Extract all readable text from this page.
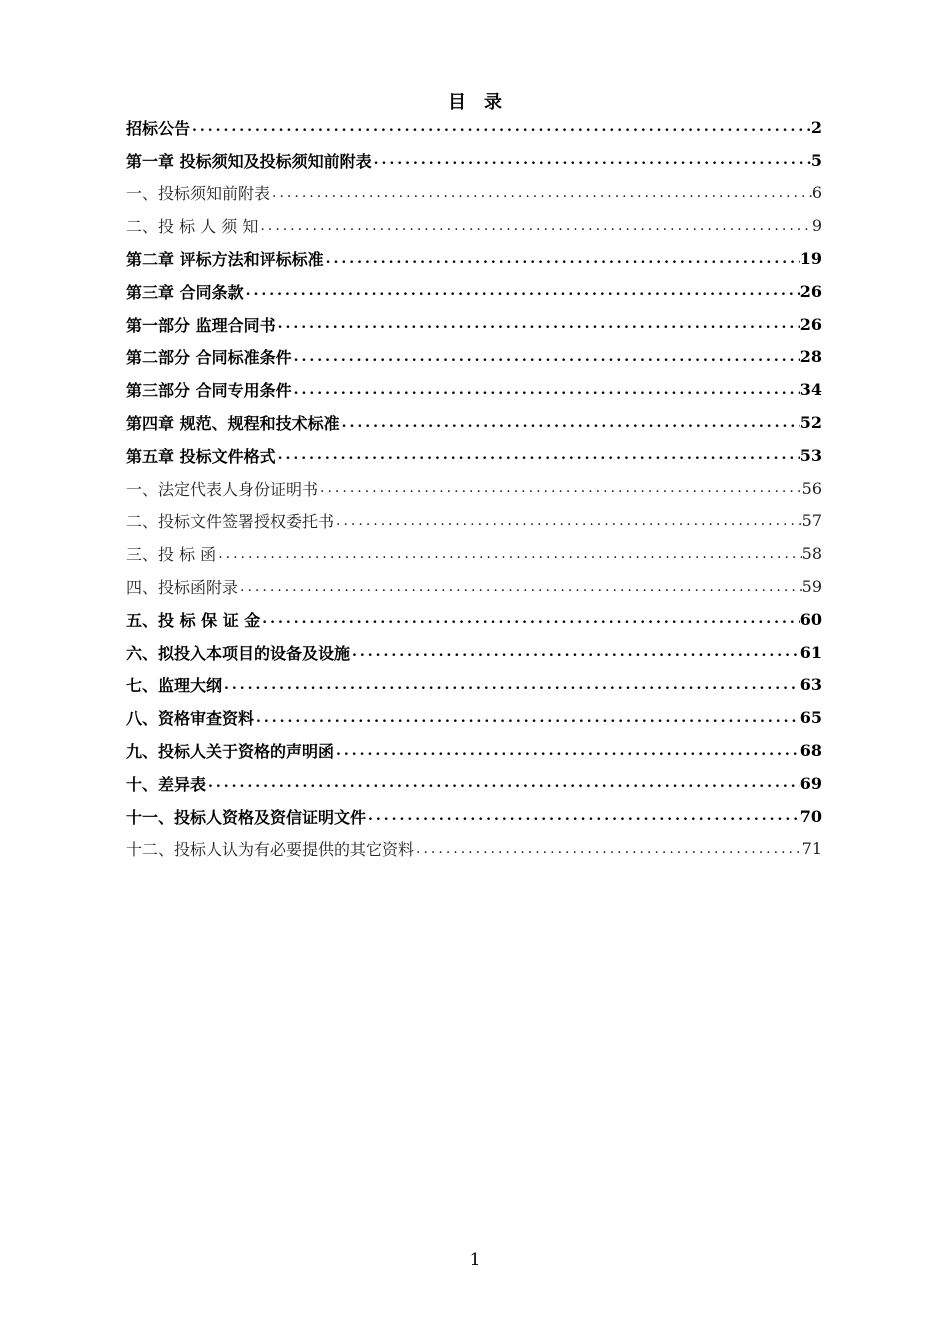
目　录
招标公告 .....	2
第一章 投标须知及投标须知前附表 .....	5
一、投标须知前附表 .....	6
二、投 标 人 须 知 .....	9
第二章 评标方法和评标标准 .....	19
第三章 合同条款 .....	26
第一部分 监理合同书 .....	26
第二部分 合同标准条件 .....	28
第三部分 合同专用条件 .....	34
第四章 规范、规程和技术标准 .....	52
第五章 投标文件格式 .....	53
一、法定代表人身份证明书 .....	56
二、投标文件签署授权委托书 .....	57
三、投 标 函 .....	58
四、投标函附录 .....	59
五、投 标 保 证 金 .....	60
六、拟投入本项目的设备及设施 .....	61
七、监理大纲 .....	63
八、资格审查资料 .....	65
九、投标人关于资格的声明函 .....	68
十、差异表 .....	69
十一、投标人资格及资信证明文件 .....	70
十二、投标人认为有必要提供的其它资料 .....	71
1
